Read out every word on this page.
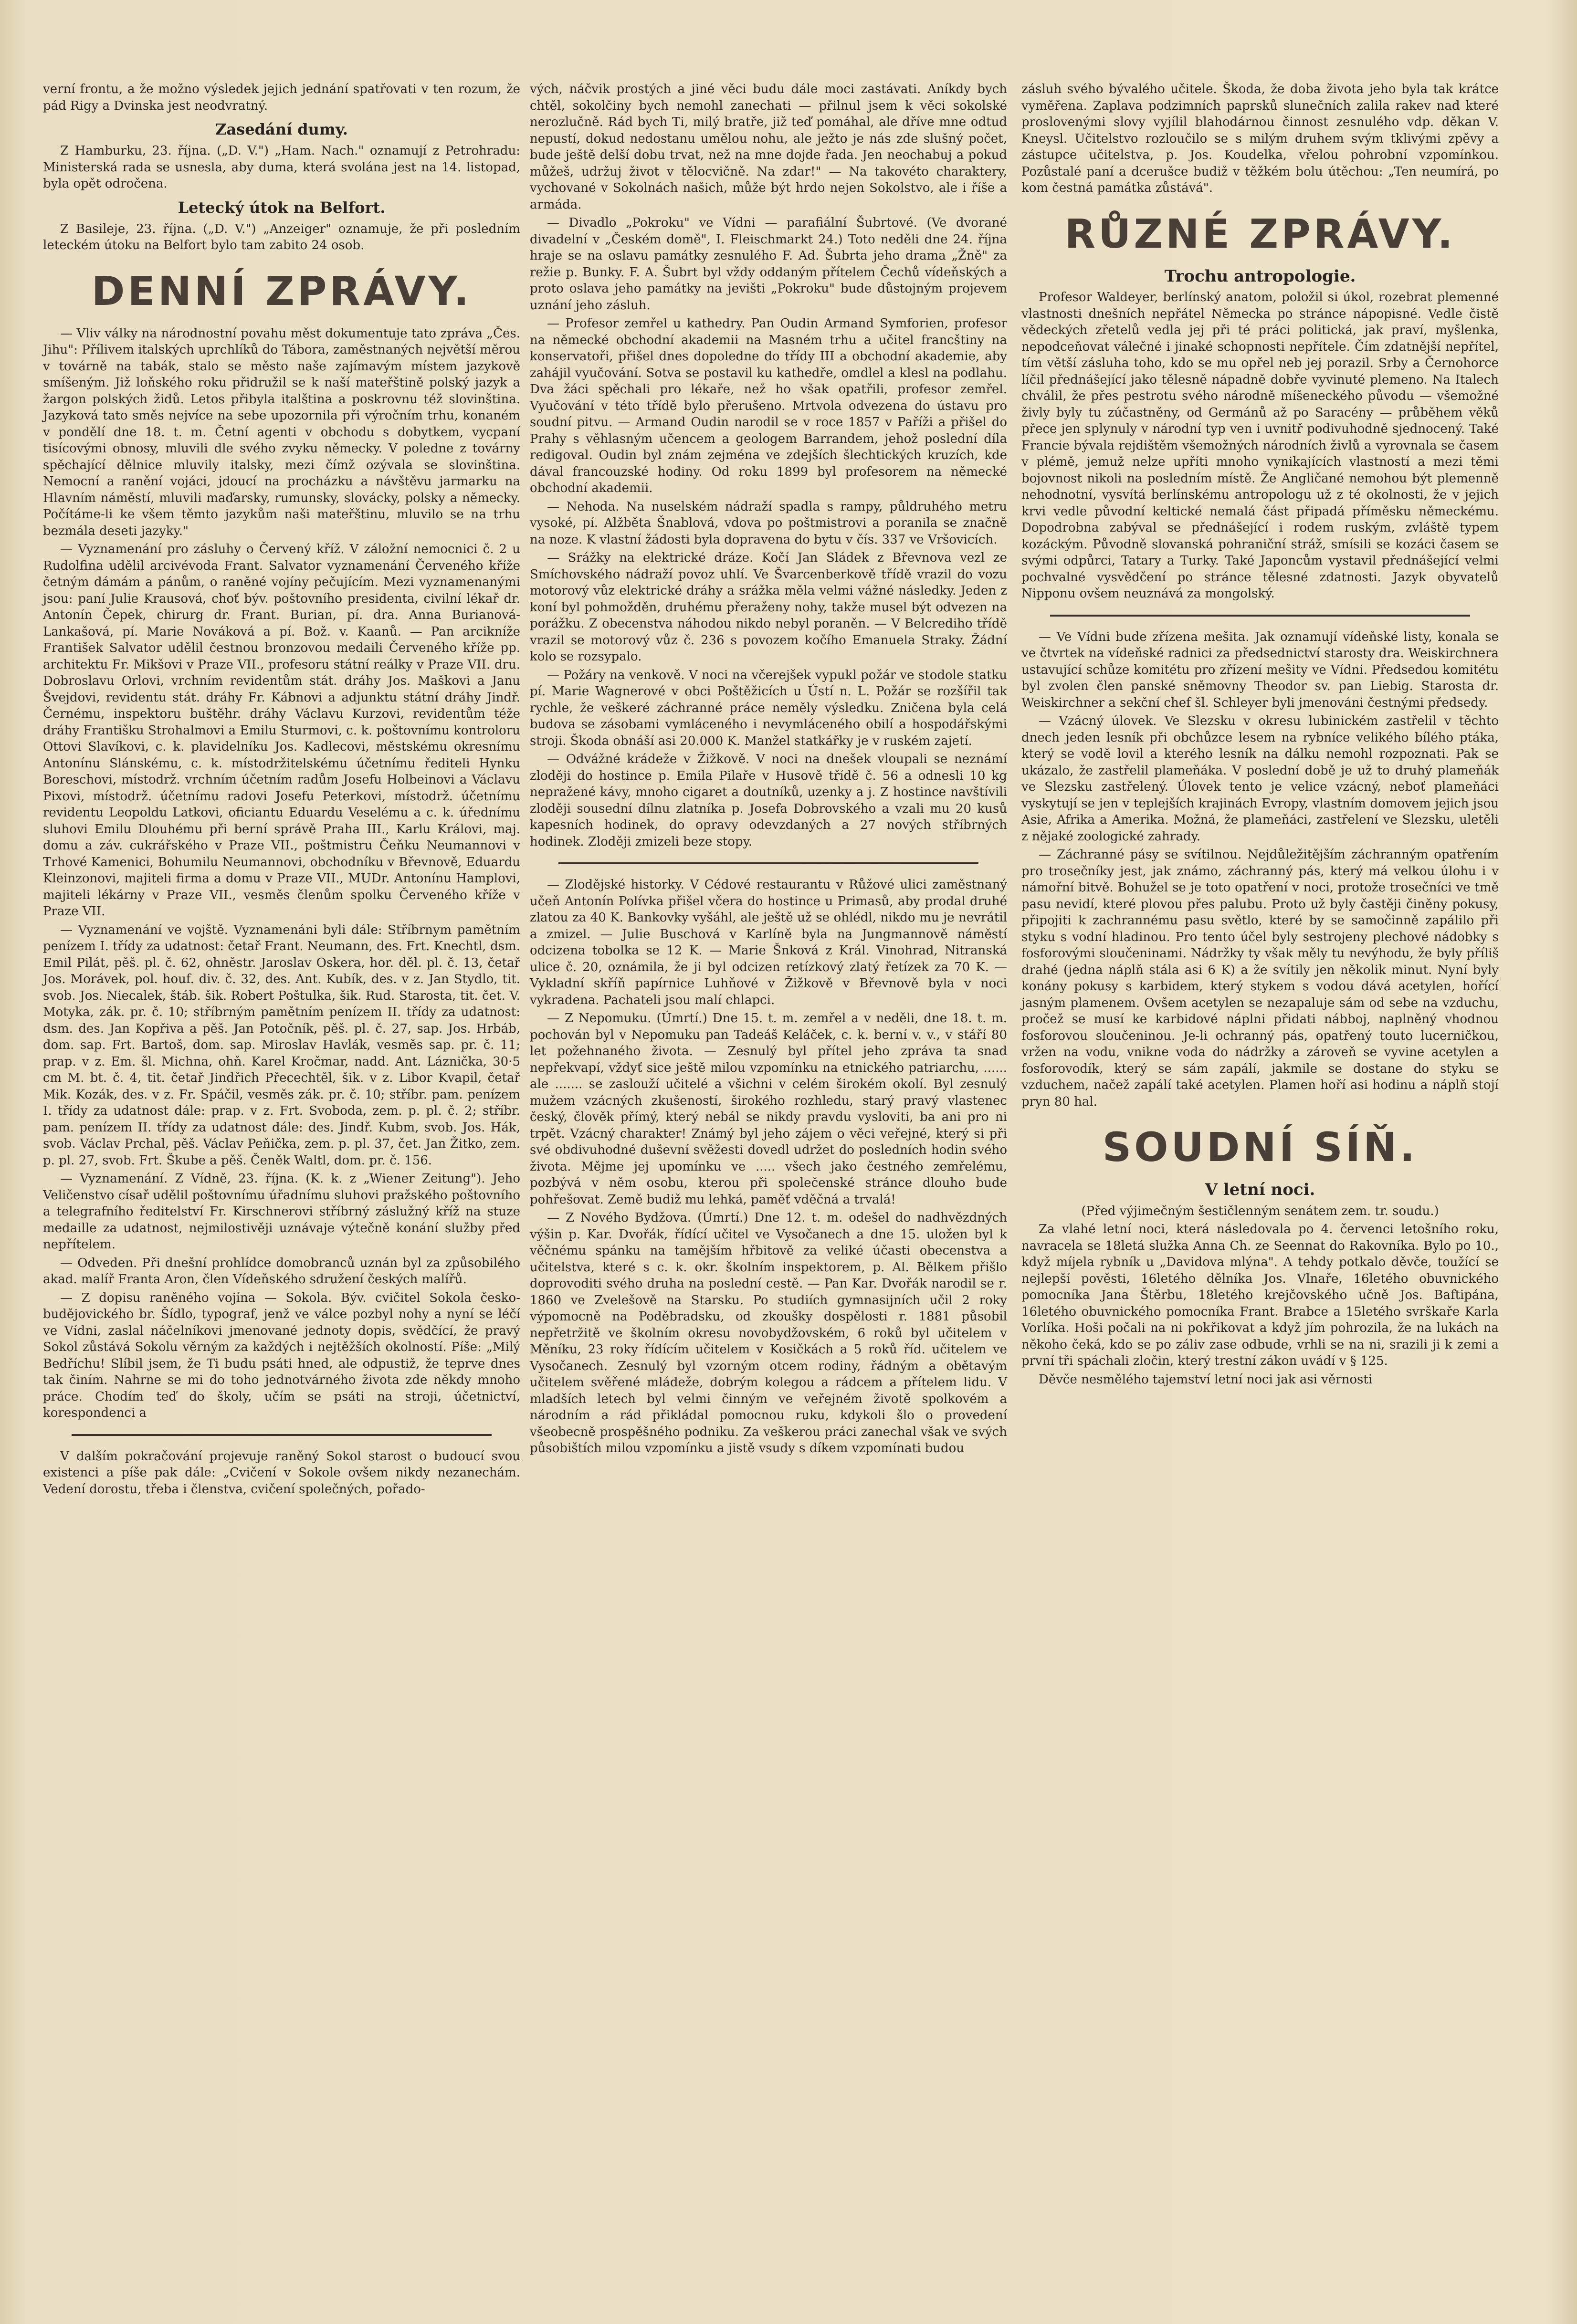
verní frontu, a že možno výsledek jejich jednání spatřovati v ten rozum, že pád Rigy a Dvinska jest neodvratný.

Zasedání dumy.

Z Hamburku, 23. října. („D. V.") „Ham. Nach." oznamují z Petrohradu: Ministerská rada se usnesla, aby duma, která svolána jest na 14. listopad, byla opět odročena.

Letecký útok na Belfort.

Z Basileje, 23. října. („D. V.") „Anzeiger" oznamuje, že při posledním leteckém útoku na Belfort bylo tam zabito 24 osob.

DENNÍ ZPRÁVY.

— Vliv války na národnostní povahu měst dokumentuje tato zpráva „Čes. Jihu": Přílivem italských uprchlíků do Tábora, zaměstnaných největší měrou v továrně na tabák, stalo se město naše zajímavým místem jazykově smíšeným. Již loňského roku přidružil se k naší mateřštině polský jazyk a žargon polských židů. Letos přibyla italština a poskrovnu též slovinština. Jazyková tato směs nejvíce na sebe upozornila při výročním trhu, konaném v pondělí dne 18. t. m. Četní agenti v obchodu s dobytkem, vycpaní tisícovými obnosy, mluvili dle svého zvyku německy. V poledne z továrny spěchající dělnice mluvily italsky, mezi čímž ozývala se slovinština. Nemocní a ranění vojáci, jdoucí na procházku a návštěvu jarmarku na Hlavním náměstí, mluvili maďarsky, rumunsky, slovácky, polsky a německy. Počítáme-li ke všem těmto jazykům naši mateřštinu, mluvilo se na trhu bezmála deseti jazyky."

— Vyznamenání pro zásluhy o Červený kříž. V záložní nemocnici č. 2 u Rudolfina udělil arcivévoda Frant. Salvator vyznamenání Červeného kříže četným dámám a pánům, o raněné vojíny pečujícím. Mezi vyznamenanými jsou: paní Julie Krausová, choť býv. poštovního presidenta, civilní lékař dr. Antonín Čepek, chirurg dr. Frant. Burian, pí. dra. Anna Burianová-Lankašová, pí. Marie Nováková a pí. Bož. v. Kaanů. — Pan arcikníže František Salvator udělil čestnou bronzovou medaili Červeného kříže pp. architektu Fr. Mikšovi v Praze VII., profesoru státní reálky v Praze VII. dru. Dobroslavu Orlovi, vrchním revidentům stát. dráhy Jos. Maškovi a Janu Švejdovi, revidentu stát. dráhy Fr. Kábnovi a adjunktu státní dráhy Jindř. Černému, inspektoru buštěhr. dráhy Václavu Kurzovi, revidentům téže dráhy Františku Strohalmovi a Emilu Sturmovi, c. k. poštovnímu kontroloru Ottovi Slavíkovi, c. k. plavidelníku Jos. Kadlecovi, městskému okresnímu Antonínu Slánskému, c. k. místodržitelskému účetnímu řediteli Hynku Boreschovi, místodrž. vrchním účetním radům Josefu Holbeinovi a Václavu Pixovi, místodrž. účetnímu radovi Josefu Peterkovi, místodrž. účetnímu revidentu Leopoldu Latkovi, oficiantu Eduardu Veselému a c. k. úřednímu sluhovi Emilu Dlouhému při berní správě Praha III., Karlu Královi, maj. domu a záv. cukrářského v Praze VII., poštmistru Čeňku Neumannovi v Trhové Kamenici, Bohumilu Neumannovi, obchodníku v Břevnově, Eduardu Kleinzonovi, majiteli firma a domu v Praze VII., MUDr. Antonínu Hamplovi, majiteli lékárny v Praze VII., vesměs členům spolku Červeného kříže v Praze VII.

— Vyznamenání ve vojště. Vyznamenáni byli dále: Stříbrnym pamětním penízem I. třídy za udatnost: četař Frant. Neumann, des. Frt. Knechtl, dsm. Emil Pilát, pěš. pl. č. 62, ohněstr. Jaroslav Oskera, hor. děl. pl. č. 13, četař Jos. Morávek, pol. houf. div. č. 32, des. Ant. Kubík, des. v z. Jan Stydlo, tit. svob. Jos. Niecalek, štáb. šik. Robert Poštulka, šik. Rud. Starosta, tit. čet. V. Motyka, zák. pr. č. 10; stříbrným pamětním penízem II. třídy za udatnost: dsm. des. Jan Kopřiva a pěš. Jan Potočník, pěš. pl. č. 27, sap. Jos. Hrbáb, dom. sap. Frt. Bartoš, dom. sap. Miroslav Havlák, vesměs sap. pr. č. 11; prap. v z. Em. šl. Michna, ohň. Karel Kročmar, nadd. Ant. Láznička, 30·5 cm M. bt. č. 4, tit. četař Jindřich Přecechtěl, šik. v z. Libor Kvapil, četař Mik. Kozák, des. v z. Fr. Spáčil, vesměs zák. pr. č. 10; stříbr. pam. penízem I. třídy za udatnost dále: prap. v z. Frt. Svoboda, zem. p. pl. č. 2; stříbr. pam. penízem II. třídy za udatnost dále: des. Jindř. Kubm, svob. Jos. Hák, svob. Václav Prchal, pěš. Václav Peňička, zem. p. pl. 37, čet. Jan Žitko, zem. p. pl. 27, svob. Frt. Škube a pěš. Čeněk Waltl, dom. pr. č. 156.

— Vyznamenání. Z Vídně, 23. října. (K. k. z „Wiener Zeitung"). Jeho Veličenstvo císař udělil poštovnímu úřadnímu sluhovi pražského poštovního a telegrafního ředitelství Fr. Kirschnerovi stříbrný záslužný kříž na stuze medaille za udatnost, nejmilostivěji uznávaje výtečně konání služby před nepřítelem.

— Odveden. Při dnešní prohlídce domobranců uznán byl za způsobilého akad. malíř Franta Aron, člen Vídeňského sdružení českých malířů.

— Z dopisu raněného vojína — Sokola. Býv. cvičitel Sokola česko-budějovického br. Šídlo, typograf, jenž ve válce pozbyl nohy a nyní se léčí ve Vídni, zaslal náčelníkovi jmenované jednoty dopis, svědčící, že pravý Sokol zůstává Sokolu věrným za každých i nejtěžších okolností. Píše: „Milý Bedříchu! Slíbil jsem, že Ti budu psáti hned, ale odpustiž, že teprve dnes tak činím. Nahrne se mi do toho jednotvárného života zde někdy mnoho práce. Chodím teď do školy, učím se psáti na stroji, účetnictví, korespondenci a

V dalším pokračování projevuje raněný Sokol starost o budoucí svou existenci a píše pak dále: „Cvičení v Sokole ovšem nikdy nezanechám. Vedení dorostu, třeba i členstva, cvičení společných, pořado-

vých, náčvik prostých a jiné věci budu dále moci zastávati. Aníkdy bych chtěl, sokolčiny bych nemohl zanechati — přilnul jsem k věci sokolské nerozlučně. Rád bych Ti, milý bratře, již teď pomáhal, ale dříve mne odtud nepustí, dokud nedostanu umělou nohu, ale ježto je nás zde slušný počet, bude ještě delší dobu trvat, než na mne dojde řada. Jen neochabuj a pokud můžeš, udržuj život v tělocvičně. Na zdar!" — Na takovéto charaktery, vychované v Sokolnách našich, může být hrdo nejen Sokolstvo, ale i říše a armáda.

— Divadlo „Pokroku" ve Vídni — parafiální Šubrtové. (Ve dvorané divadelní v „Českém domě", I. Fleischmarkt 24.) Toto neděli dne 24. října hraje se na oslavu památky zesnulého F. Ad. Šubrta jeho drama „Žně" za režie p. Bunky. F. A. Šubrt byl vždy oddaným přítelem Čechů vídeňských a proto oslava jeho památky na jevišti „Pokroku" bude důstojným projevem uznání jeho zásluh.

— Profesor zemřel u kathedry. Pan Oudin Armand Symforien, profesor na německé obchodní akademii na Masném trhu a učitel francštiny na konservatoři, přišel dnes dopoledne do třídy III a obchodní akademie, aby zahájil vyučování. Sotva se postavil ku kathedře, omdlel a klesl na podlahu. Dva žáci spěchali pro lékaře, než ho však opatřili, profesor zemřel. Vyučování v této třídě bylo přerušeno. Mrtvola odvezena do ústavu pro soudní pitvu. — Armand Oudin narodil se v roce 1857 v Paříži a přišel do Prahy s věhlasným učencem a geologem Barrandem, jehož poslední díla redigoval. Oudin byl znám zejména ve zdejších šlechtických kruzích, kde dával francouzské hodiny. Od roku 1899 byl profesorem na německé obchodní akademii.

— Nehoda. Na nuselském nádraží spadla s rampy, půldruhého metru vysoké, pí. Alžběta Šnablová, vdova po poštmistrovi a poranila se značně na noze. K vlastní žádosti byla dopravena do bytu v čís. 337 ve Vršovicích.

— Srážky na elektrické dráze. Kočí Jan Sládek z Břevnova vezl ze Smíchovského nádraží povoz uhlí. Ve Švarcenberkově třídě vrazil do vozu motorový vůz elektrické dráhy a srážka měla velmi vážné následky. Jeden z koní byl pohmožděn, druhému přeraženy nohy, takže musel být odvezen na porážku. Z obecenstva náhodou nikdo nebyl poraněn. — V Belcrediho třídě vrazil se motorový vůz č. 236 s povozem kočího Emanuela Straky. Žádní kolo se rozsypalo.

— Požáry na venkově. V noci na včerejšek vypukl požár ve stodole statku pí. Marie Wagnerové v obci Poštěžicích u Ústí n. L. Požár se rozšířil tak rychle, že veškeré záchranné práce neměly výsledku. Zničena byla celá budova se zásobami vymláceného i nevymláceného obilí a hospodářskými stroji. Škoda obnáší asi 20.000 K. Manžel statkářky je v ruském zajetí.

— Odvážné krádeže v Žižkově. V noci na dnešek vloupali se neznámí zloději do hostince p. Emila Pilaře v Husově třídě č. 56 a odnesli 10 kg nepražené kávy, mnoho cigaret a doutníků, uzenky a j. Z hostince navštívili zloději sousední dílnu zlatníka p. Josefa Dobrovského a vzali mu 20 kusů kapesních hodinek, do opravy odevzdaných a 27 nových stříbrných hodinek. Zloději zmizeli beze stopy.

— Zlodějské historky. V Cédové restaurantu v Růžové ulici zaměstnaný učeň Antonín Polívka přišel včera do hostince u Primasů, aby prodal druhé zlatou za 40 K. Bankovky vyšáhl, ale ještě už se ohlédl, nikdo mu je nevrátil a zmizel. — Julie Buschová v Karlíně byla na Jungmannově náměstí odcizena tobolka se 12 K. — Marie Šnková z Král. Vinohrad, Nitranská ulice č. 20, oznámila, že ji byl odcizen retízkový zlatý řetízek za 70 K. — Vykladní skříň papírnice Luhňové v Žižkově v Břevnově byla v noci vykradena. Pachateli jsou malí chlapci.

— Z Nepomuku. (Úmrtí.) Dne 15. t. m. zemřel a v neděli, dne 18. t. m. pochován byl v Nepomuku pan Tadeáš Keláček, c. k. berní v. v., v stáří 80 let požehnaného života. — Zesnulý byl přítel jeho zpráva ta snad nepřekvapí, vždyť sice ještě milou vzpomínku na etnického patriarchu, ...... ale ....... se zaslouží učitelé a všichni v celém širokém okolí. Byl zesnulý mužem vzácných zkušeností, širokého rozhledu, starý pravý vlastenec český, člověk přímý, který nebál se nikdy pravdu vysloviti, ba ani pro ni trpět. Vzácný charakter! Známý byl jeho zájem o věci veřejné, který si při své obdivuhodné duševní svěžesti dovedl udržet do posledních hodin svého života. Mějme jej upomínku ve ..... všech jako čestného zemřelému, pozbývá v něm osobu, kterou při společenské stránce dlouho bude pohřešovat. Země budiž mu lehká, paměť vděčná a trvalá!

— Z Nového Bydžova. (Úmrtí.) Dne 12. t. m. odešel do nadhvězdných výšin p. Kar. Dvořák, řídící učitel ve Vysočanech a dne 15. uložen byl k věčnému spánku na tamějším hřbitově za veliké účasti obecenstva a učitelstva, které s c. k. okr. školním inspektorem, p. Al. Bělkem přišlo doprovoditi svého druha na poslední cestě. — Pan Kar. Dvořák narodil se r. 1860 ve Zvelešově na Starsku. Po studiích gymnasijních učil 2 roky výpomocně na Poděbradsku, od zkoušky dospělosti r. 1881 působil nepřetržitě ve školním okresu novobydžovském, 6 roků byl učitelem v Měníku, 23 roky řídícím učitelem v Kosičkách a 5 roků říd. učitelem ve Vysočanech. Zesnulý byl vzorným otcem rodiny, řádným a obětavým učitelem svěřené mládeže, dobrým kolegou a rádcem a přítelem lidu. V mladších letech byl velmi činným ve veřejném životě spolkovém a národním a rád přikládal pomocnou ruku, kdykoli šlo o provedení všeobecně prospěšného podniku. Za veškerou práci zanechal však ve svých působištích milou vzpomínku a jistě vsudy s díkem vzpomínati budou

zásluh svého bývalého učitele. Škoda, že doba života jeho byla tak krátce vyměřena. Zaplava podzimních paprsků slunečních zalila rakev nad které proslovenými slovy vyjílil blahodárnou činnost zesnulého vdp. děkan V. Kneysl. Učitelstvo rozloučilo se s milým druhem svým tklivými zpěvy a zástupce učitelstva, p. Jos. Koudelka, vřelou pohrobní vzpomínkou. Pozůstalé paní a dcerušce budiž v těžkém bolu útěchou: „Ten neumírá, po kom čestná památka zůstává".

RŮZNÉ ZPRÁVY.
Trochu antropologie.

Profesor Waldeyer, berlínský anatom, položil si úkol, rozebrat plemenné vlastnosti dnešních nepřátel Německa po stránce nápopisné. Vedle čistě vědeckých zřetelů vedla jej při té práci politická, jak praví, myšlenka, nepodceňovat válečné i jinaké schopnosti nepřítele. Čím zdatnější nepřítel, tím větší zásluha toho, kdo se mu opřel neb jej porazil. Srby a Černohorce líčil přednášející jako tělesně nápadně dobře vyvinuté plemeno. Na Italech chválil, že přes pestrotu svého národně míšeneckého původu — všemožné živly byly tu zúčastněny, od Germánů až po Saracény — průběhem věků přece jen splynuly v národní typ ven i uvnitř podivuhodně sjednocený. Také Francie bývala rejdištěm všemožných národních živlů a vyrovnala se časem v plémě, jemuž nelze upříti mnoho vynikajících vlastností a mezi těmi bojovnost nikoli na posledním místě. Že Angličané nemohou být plemenně nehodnotní, vysvítá berlínskému antropologu už z té okolnosti, že v jejich krvi vedle původní keltické nemalá část připadá příměsku německému. Dopodrobna zabýval se přednášející i rodem ruským, zvláště typem kozáckým. Původně slovanská pohraniční stráž, smísili se kozáci časem se svými odpůrci, Tatary a Turky. Také Japoncům vystavil přednášející velmi pochvalné vysvědčení po stránce tělesné zdatnosti. Jazyk obyvatelů Nipponu ovšem neuznává za mongolský.

— Ve Vídni bude zřízena mešita. Jak oznamují vídeňské listy, konala se ve čtvrtek na vídeňské radnici za předsednictví starosty dra. Weiskirchnera ustavující schůze komitétu pro zřízení mešity ve Vídni. Předsedou komitétu byl zvolen člen panské sněmovny Theodor sv. pan Liebig. Starosta dr. Weiskirchner a sekční chef šl. Schleyer byli jmenováni čestnými předsedy.

— Vzácný úlovek. Ve Slezsku v okresu lubinickém zastřelil v těchto dnech jeden lesník při obchůzce lesem na rybníce velikého bílého ptáka, který se vodě lovil a kterého lesník na dálku nemohl rozpoznati. Pak se ukázalo, že zastřelil plameňáka. V poslední době je už to druhý plameňák ve Slezsku zastřelený. Úlovek tento je velice vzácný, neboť plameňáci vyskytují se jen v teplejších krajinách Evropy, vlastním domovem jejich jsou Asie, Afrika a Amerika. Možná, že plameňáci, zastřelení ve Slezsku, uletěli z nějaké zoologické zahrady.

— Záchranné pásy se svítilnou. Nejdůležitějším záchranným opatřením pro trosečníky jest, jak známo, záchranný pás, který má velkou úlohu i v námořní bitvě. Bohužel se je toto opatření v noci, protože trosečníci ve tmě pasu nevidí, které plovou přes palubu. Proto už byly častěji činěny pokusy, připojiti k zachrannému pasu světlo, které by se samočinně zapálilo při styku s vodní hladinou. Pro tento účel byly sestrojeny plechové nádobky s fosforovými sloučeninami. Nádržky ty však měly tu nevýhodu, že byly příliš drahé (jedna náplň stála asi 6 K) a že svítily jen několik minut. Nyní byly konány pokusy s karbidem, který stykem s vodou dává acetylen, hořící jasným plamenem. Ovšem acetylen se nezapaluje sám od sebe na vzduchu, pročež se musí ke karbidové náplni přidati nábboj, naplněný vhodnou fosforovou sloučeninou. Je-li ochranný pás, opatřený touto lucerničkou, vržen na vodu, vnikne voda do nádržky a zároveň se vyvine acetylen a fosforovodík, který se sám zapálí, jakmile se dostane do styku se vzduchem, načež zapálí také acetylen. Plamen hoří asi hodinu a náplň stojí pryn 80 hal.

SOUDNÍ SÍŇ.
V letní noci.

(Před výjimečným šestičlenným senátem zem. tr. soudu.)

Za vlahé letní noci, která následovala po 4. červenci letošního roku, navracela se 18letá služka Anna Ch. ze Seennat do Rakovníka. Bylo po 10., když míjela rybník u „Davidova mlýna". A tehdy potkalo děvče, toužící se nejlepší pověsti, 16letého dělníka Jos. Vlnaře, 16letého obuvnického pomocníka Jana Štěrbu, 18letého krejčovského učně Jos. Baftipána, 16letého obuvnického pomocníka Frant. Brabce a 15letého svrškaře Karla Vorlíka. Hoši počali na ni pokřikovat a když jím pohrozila, že na lukách na někoho čeká, kdo se po záliv zase odbude, vrhli se na ni, srazili ji k zemi a první tři spáchali zločin, který trestní zákon uvádí v § 125.

Děvče nesmělého tajemství letní noci jak asi věrnosti
